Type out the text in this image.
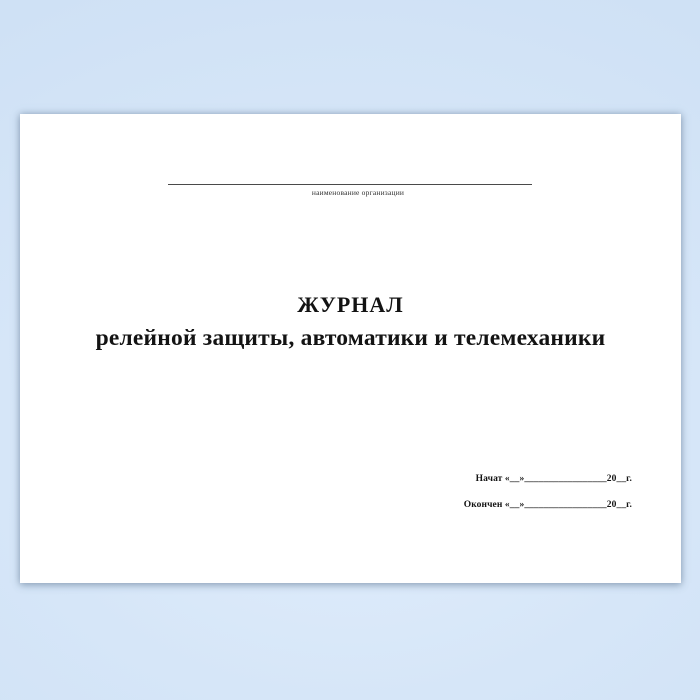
наименование организации
ЖУРНАЛ
релейной защиты, автоматики и телемеханики
Начат «__»_________________20__г.
Окончен «__»_________________20__г.
